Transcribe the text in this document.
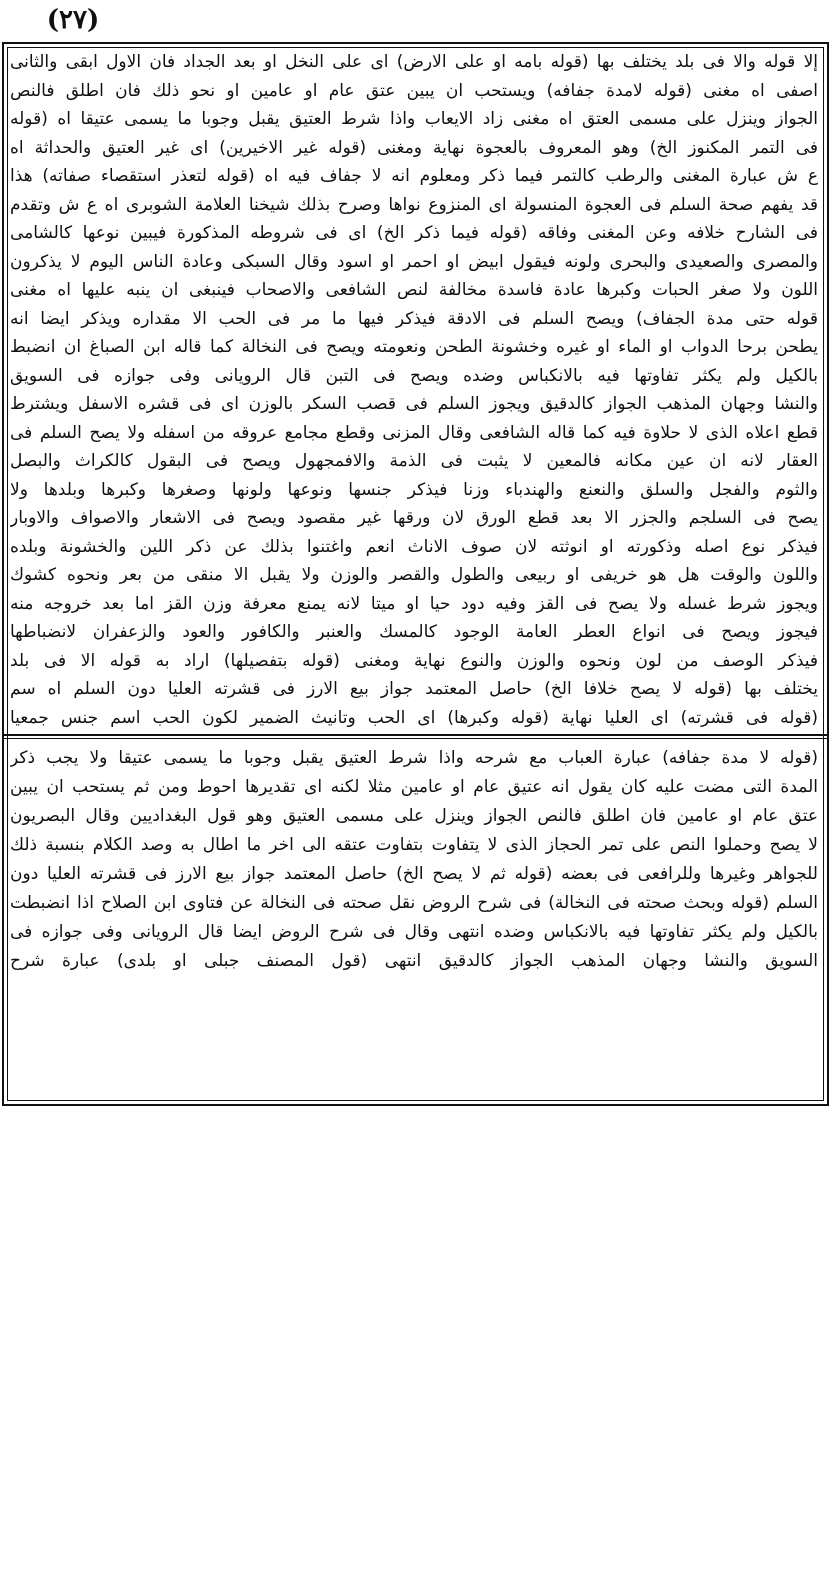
(۲۷)
إلا قوله والا فى بلد يختلف بها (قوله بامه او على الارض) اى على النخل او بعد الجداد فان الاول ابقى والثانى
اصفى اه مغنى (قوله لامدة جفافه) ويستحب ان يبين عتق عام او عامين او نحو ذلك فان اطلق فالنص
الجواز وينزل على مسمى العتق اه مغنى زاد الايعاب واذا شرط العتيق يقبل وجوبا ما يسمى عتيقا اه (قوله
فى التمر المكنوز الخ) وهو المعروف بالعجوة نهاية ومغنى (قوله غير الاخيرين) اى غير العتيق والحداثة اه
ع ش عبارة المغنى والرطب كالتمر فيما ذكر ومعلوم انه لا جفاف فيه اه (قوله لتعذر استقصاء صفاته) هذا
قد يفهم صحة السلم فى العجوة المنسولة اى المنزوع نواها وصرح بذلك شيخنا العلامة الشوبرى اه ع ش وتقدم
فى الشارح خلافه وعن المغنى وفاقه (قوله فيما ذكر الخ) اى فى شروطه المذكورة فيبين نوعها كالشامى
والمصرى والصعيدى والبحرى ولونه فيقول ابيض او احمر او اسود وقال السبكى وعادة الناس اليوم لا يذكرون
اللون ولا صغر الحبات وكبرها عادة فاسدة مخالفة لنص الشافعى والاصحاب فينبغى ان ينبه عليها اه مغنى
قوله حتى مدة الجفاف) ويصح السلم فى الادقة فيذكر فيها ما مر فى الحب الا مقداره ويذكر ايضا انه
يطحن برحا الدواب او الماء او غيره وخشونة الطحن ونعومته ويصح فى النخالة كما قاله ابن الصباغ ان انضبط
بالكيل ولم يكثر تفاوتها فيه بالانكباس وضده ويصح فى التبن قال الرويانى وفى جوازه فى السويق
والنشا وجهان المذهب الجواز كالدقيق ويجوز السلم فى قصب السكر بالوزن اى فى قشره الاسفل ويشترط
قطع اعلاه الذى لا حلاوة فيه كما قاله الشافعى وقال المزنى وقطع مجامع عروقه من اسفله ولا يصح السلم فى
العقار لانه ان عين مكانه فالمعين لا يثبت فى الذمة والافمجهول ويصح فى البقول كالكراث والبصل
والثوم والفجل والسلق والنعنع والهندباء وزنا فيذكر جنسها ونوعها ولونها وصغرها وكبرها وبلدها ولا
يصح فى السلجم والجزر الا بعد قطع الورق لان ورقها غير مقصود ويصح فى الاشعار والاصواف والاوبار
فيذكر نوع اصله وذكورته او انوثته لان صوف الاناث انعم واغتنوا بذلك عن ذكر اللين والخشونة وبلده
واللون والوقت هل هو خريفى او ربيعى والطول والقصر والوزن ولا يقبل الا منقى من بعر ونحوه كشوك
ويجوز شرط غسله ولا يصح فى القز وفيه دود حيا او ميتا لانه يمنع معرفة وزن القز اما بعد خروجه منه
فيجوز ويصح فى انواع العطر العامة الوجود كالمسك والعنبر والكافور والعود والزعفران لانضباطها
فيذكر الوصف من لون ونحوه والوزن والنوع نهاية ومغنى (قوله بتفصيلها) اراد به قوله الا فى بلد
يختلف بها (قوله لا يصح خلافا الخ) حاصل المعتمد جواز بيع الارز فى قشرته العليا دون السلم اه سم
(قوله فى قشرته) اى العليا نهاية (قوله وكبرها) اى الحب وتانيث الضمير لكون الحب اسم جنس جمعيا
(قوله لا مدة جفافه) عبارة العباب مع شرحه واذا شرط العتيق يقبل وجوبا ما يسمى عتيقا ولا يجب ذكر
المدة التى مضت عليه كان يقول انه عتيق عام او عامين مثلا لكنه اى تقديرها احوط ومن ثم يستحب ان يبين
عتق عام او عامين فان اطلق فالنص الجواز وينزل على مسمى العتيق وهو قول البغداديين وقال البصريون
لا يصح وحملوا النص على تمر الحجاز الذى لا يتفاوت بتفاوت عتقه الى اخر ما اطال به وصد الكلام بنسبة ذلك
للجواهر وغيرها وللرافعى فى بعضه (قوله ثم لا يصح الخ) حاصل المعتمد جواز بيع الارز فى قشرته العليا دون
السلم (قوله وبحث صحته فى النخالة) فى شرح الروض نقل صحته فى النخالة عن فتاوى ابن الصلاح اذا انضبطت
بالكيل ولم يكثر تفاوتها فيه بالانكباس وضده انتهى وقال فى شرح الروض ايضا قال الرويانى وفى جوازه فى
السويق والنشا وجهان المذهب الجواز كالدقيق انتهى (قول المصنف جبلى او بلدى) عبارة شرح
